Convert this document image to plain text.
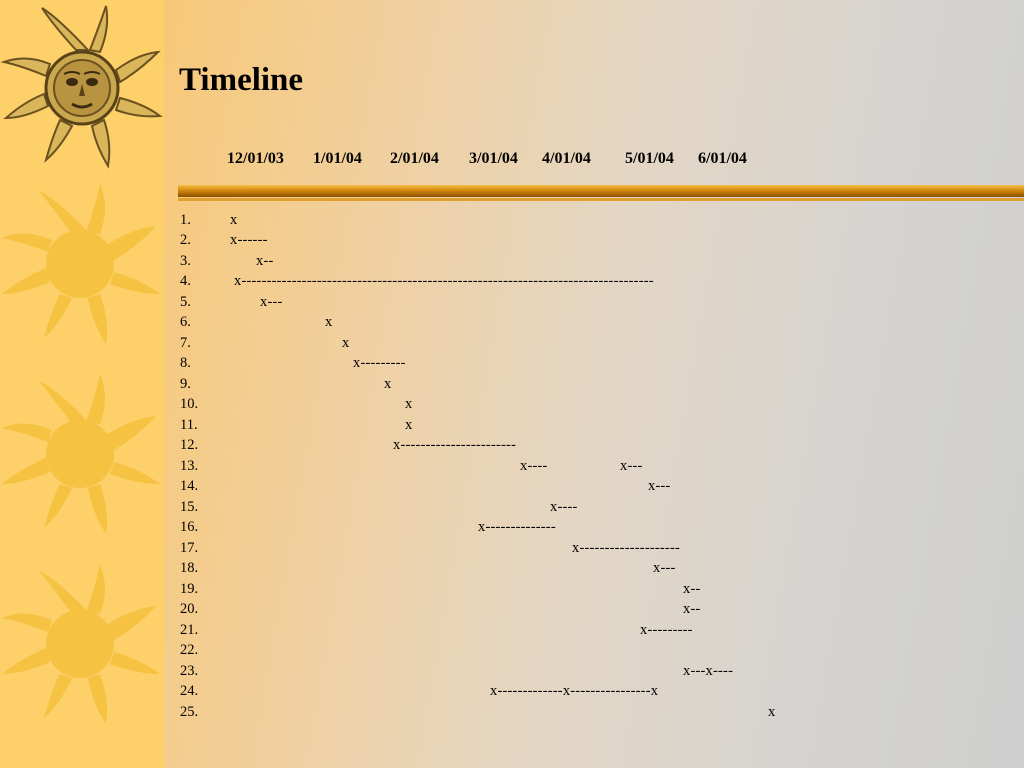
Timeline
12/01/03 1/01/04 2/01/04 3/01/04 4/01/04 5/01/04 6/01/04
1.	x
2.	x------
3.	x--
4.	x----------------------------------------------------------------------------------
5.	x---
6.	x
7.	x
8.	x---------
9.	x
10.	x
11.	x
12.	x-----------------------
13.	x----	x---
14.	x---
15.	x----
16.	x--------------
17.	x--------------------
18.	x---
19.	x--
20.	x--
21.	x---------
22.
23.	x---x----
24.	x-------------x----------------x
25.	x
